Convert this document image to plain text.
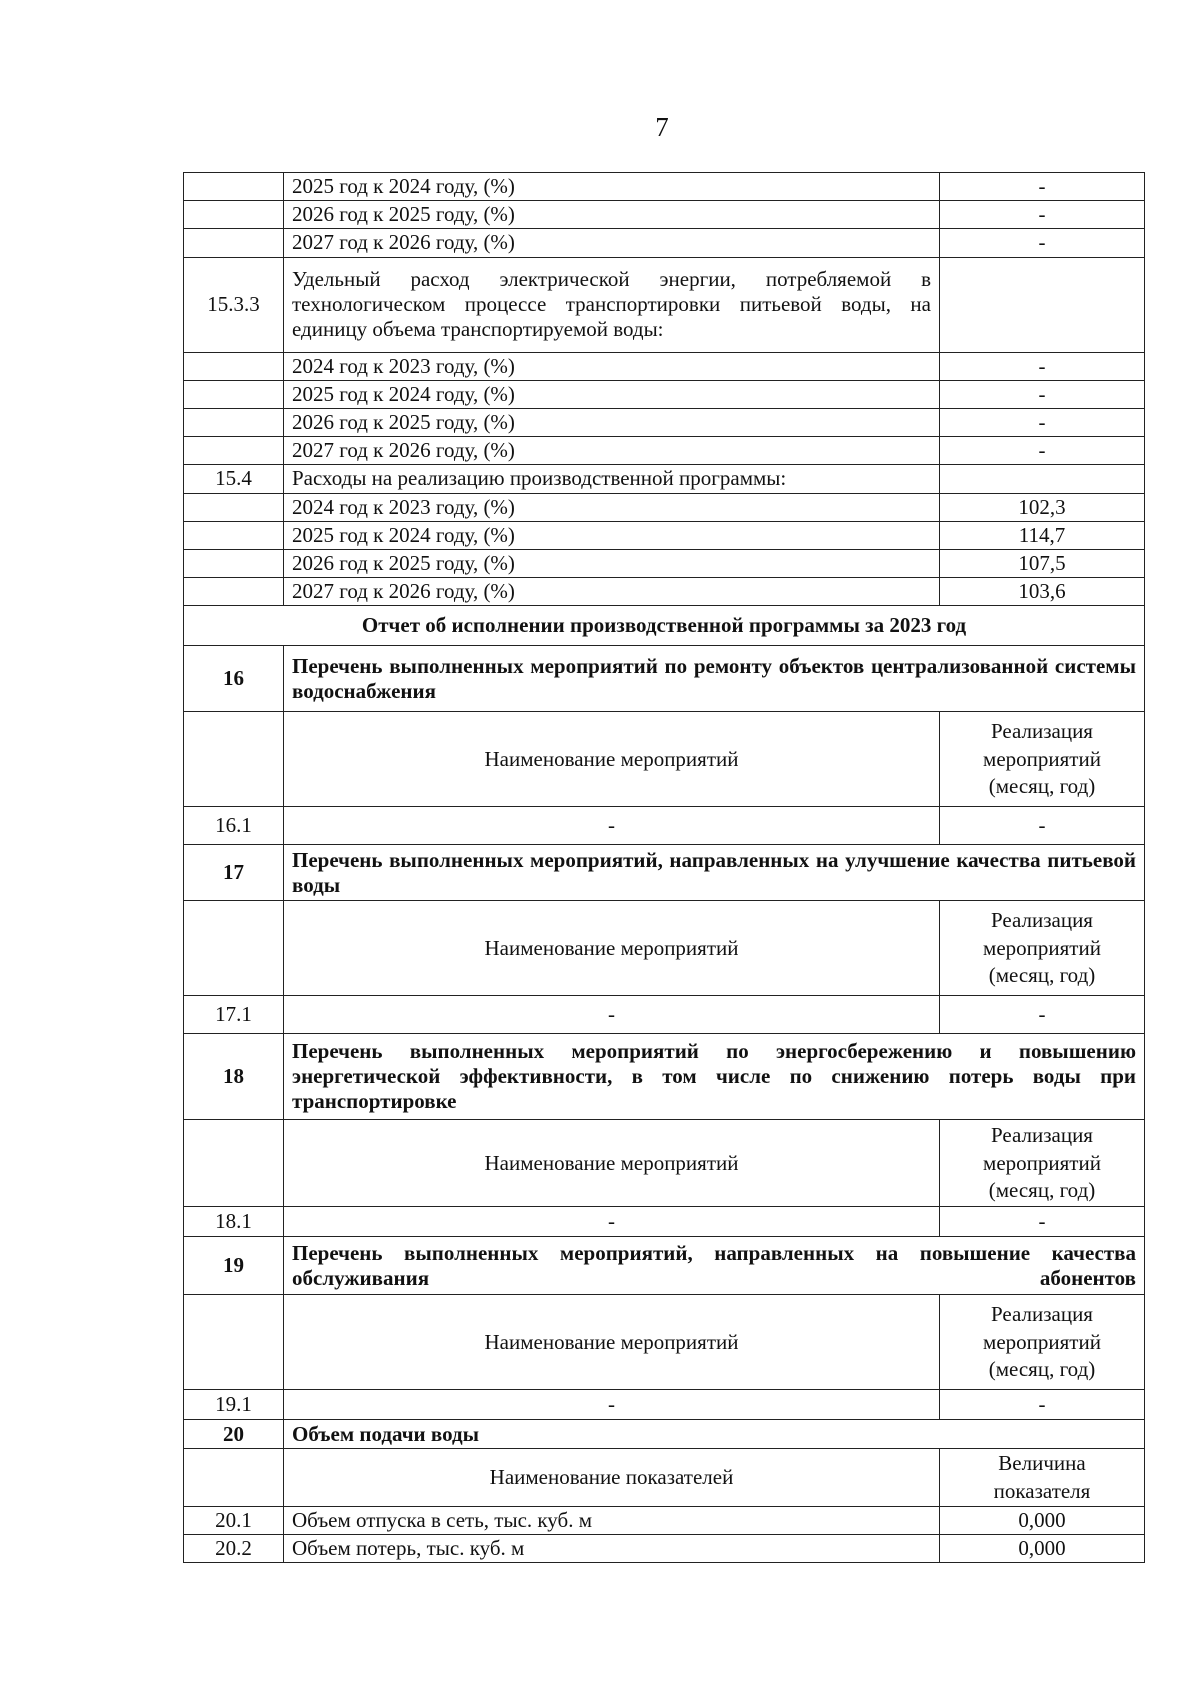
7
	2025 год к 2024 году, (%)	-
	2026 год к 2025 году, (%)	-
	2027 год к 2026 году, (%)	-
15.3.3	Удельный расход электрической энергии, потребляемой в технологическом процессе транспортировки питьевой воды, на единицу объема транспортируемой воды:	
	2024 год к 2023 году, (%)	-
	2025 год к 2024 году, (%)	-
	2026 год к 2025 году, (%)	-
	2027 год к 2026 году, (%)	-
15.4	Расходы на реализацию производственной программы:	
	2024 год к 2023 году, (%)	102,3
	2025 год к 2024 году, (%)	114,7
	2026 год к 2025 году, (%)	107,5
	2027 год к 2026 году, (%)	103,6
Отчет об исполнении производственной программы за 2023 год		
16	Перечень выполненных мероприятий по ремонту объектов централизованной системы водоснабжения	
	Наименование мероприятий	Реализация
мероприятий
(месяц, год)

16.1	-	-
17	Перечень выполненных мероприятий, направленных на улучшение качества питьевой воды	
	Наименование мероприятий	Реализация
мероприятий
(месяц, год)

17.1	-	-
18	Перечень выполненных мероприятий по энергосбережению и повышению энергетической эффективности, в том числе по снижению потерь воды при транспортировке	
	Наименование мероприятий	Реализация
мероприятий
(месяц, год)

18.1	-	-
19	Перечень выполненных мероприятий, направленных на повышение качества обслуживания абонентов	
	Наименование мероприятий	Реализация
мероприятий
(месяц, год)

19.1	-	-
20	Объем подачи воды	
	Наименование показателей	Величина
показателя

20.1	Объем отпуска в сеть, тыс. куб. м	0,000
20.2	Объем потерь, тыс. куб. м	0,000
